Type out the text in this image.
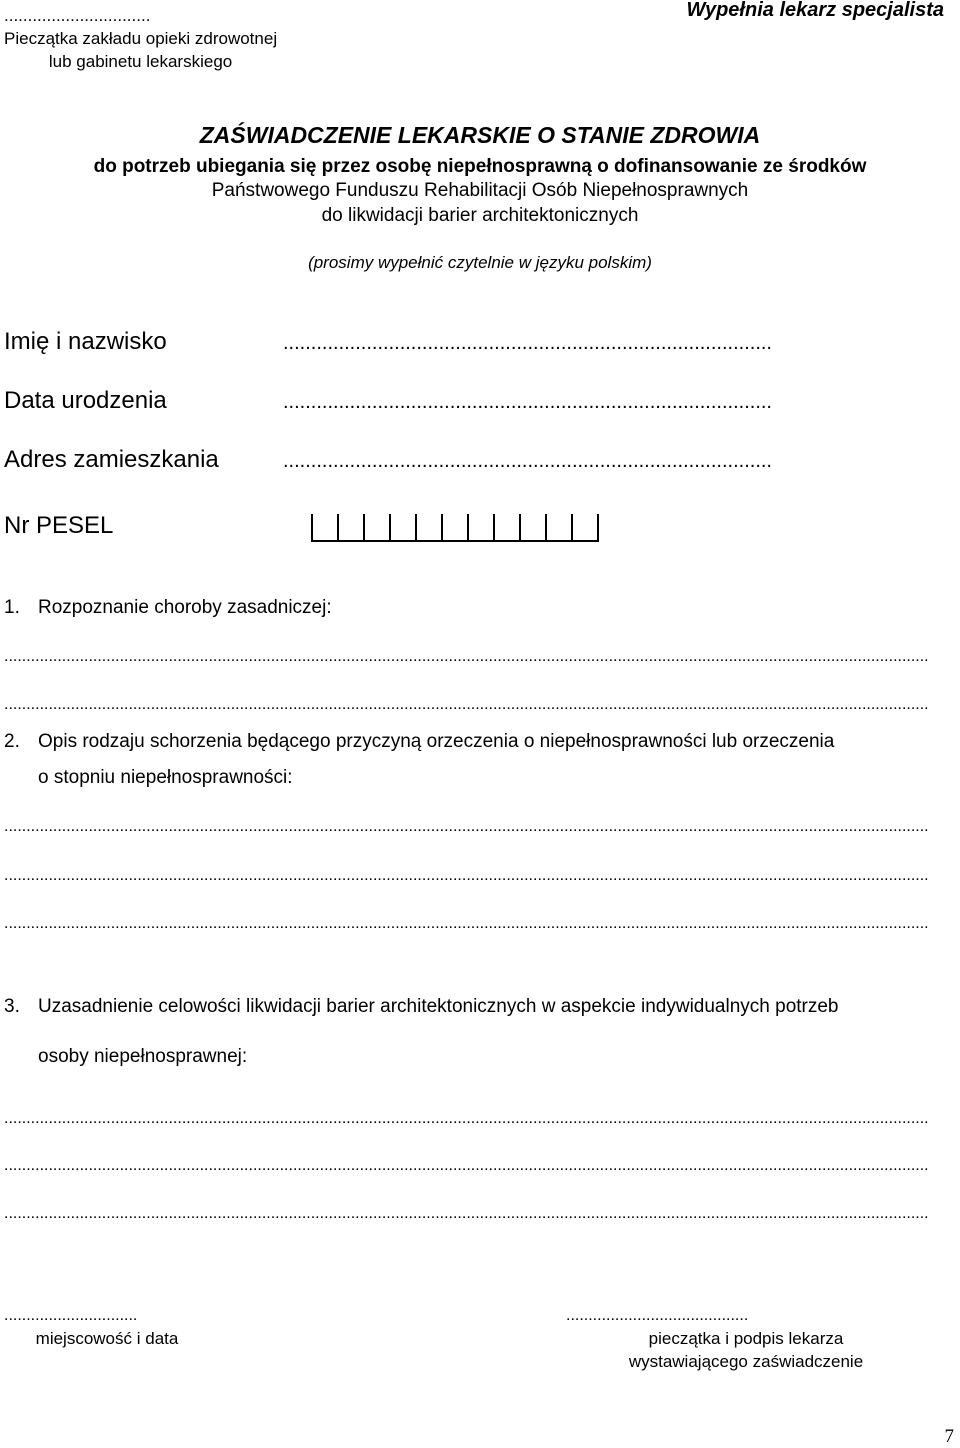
...............................
Pieczątka zakładu opieki zdrowotnej
lub gabinetu lekarskiego
Wypełnia lekarz specjalista
ZAŚWIADCZENIE LEKARSKIE O STANIE ZDROWIA
do potrzeb ubiegania się przez osobę niepełnosprawną o dofinansowanie ze środków
Państwowego Funduszu Rehabilitacji Osób Niepełnosprawnych
do likwidacji barier architektonicznych
(prosimy wypełnić czytelnie w języku polskim)
Imię i nazwisko	........................................................................................
Data urodzenia	........................................................................................
Adres zamieszkania	........................................................................................
Nr PESEL
1. Rozpoznanie choroby zasadniczej:
................................................................................................................................................................................................................
................................................................................................................................................................................................................
2. Opis rodzaju schorzenia będącego przyczyną orzeczenia o niepełnosprawności lub orzeczenia
o stopniu niepełnosprawności:
................................................................................................................................................................................................................
................................................................................................................................................................................................................
................................................................................................................................................................................................................
3. Uzasadnienie celowości likwidacji barier architektonicznych w aspekcie indywidualnych potrzeb
osoby niepełnosprawnej:
................................................................................................................................................................................................................
................................................................................................................................................................................................................
................................................................................................................................................................................................................
..............................
miejscowość i data
.........................................
pieczątka i podpis lekarza
wystawiającego zaświadczenie
7
